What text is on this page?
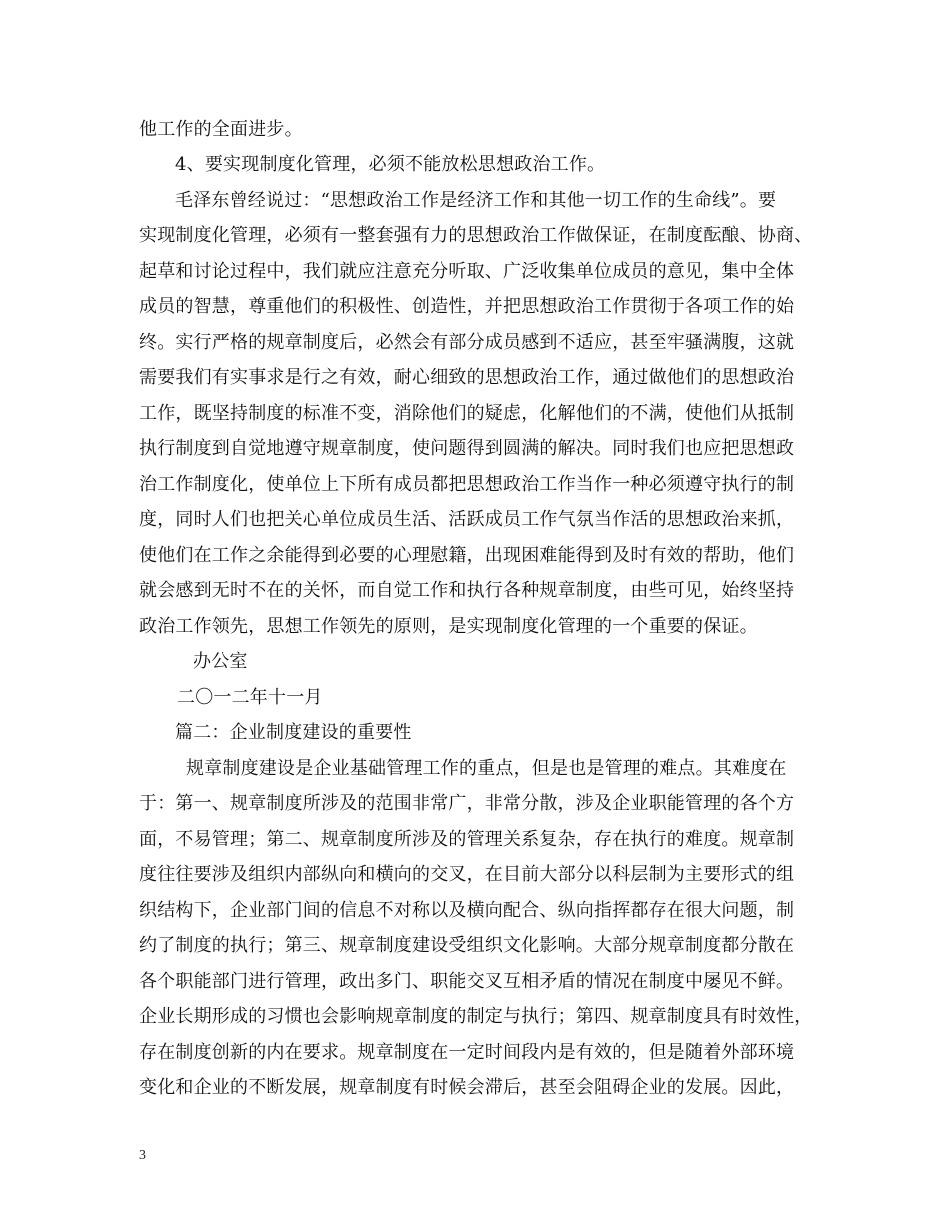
他工作的全面进步。
4、要实现制度化管理，必须不能放松思想政治工作。
毛泽东曾经说过：“思想政治工作是经济工作和其他一切工作的生命线”。要
实现制度化管理，必须有一整套强有力的思想政治工作做保证，在制度酝酿、协商、
起草和讨论过程中，我们就应注意充分听取、广泛收集单位成员的意见，集中全体
成员的智慧，尊重他们的积极性、创造性，并把思想政治工作贯彻于各项工作的始
终。实行严格的规章制度后，必然会有部分成员感到不适应，甚至牢骚满腹，这就
需要我们有实事求是行之有效，耐心细致的思想政治工作，通过做他们的思想政治
工作，既坚持制度的标准不变，消除他们的疑虑，化解他们的不满，使他们从抵制
执行制度到自觉地遵守规章制度，使问题得到圆满的解决。同时我们也应把思想政
治工作制度化，使单位上下所有成员都把思想政治工作当作一种必须遵守执行的制
度，同时人们也把关心单位成员生活、活跃成员工作气氛当作活的思想政治来抓，
使他们在工作之余能得到必要的心理慰籍，出现困难能得到及时有效的帮助，他们
就会感到无时不在的关怀，而自觉工作和执行各种规章制度，由些可见，始终坚持
政治工作领先，思想工作领先的原则，是实现制度化管理的一个重要的保证。
办公室
二〇一二年十一月
篇二：企业制度建设的重要性
规章制度建设是企业基础管理工作的重点，但是也是管理的难点。其难度在
于：第一、规章制度所涉及的范围非常广，非常分散，涉及企业职能管理的各个方
面，不易管理；第二、规章制度所涉及的管理关系复杂，存在执行的难度。规章制
度往往要涉及组织内部纵向和横向的交叉，在目前大部分以科层制为主要形式的组
织结构下，企业部门间的信息不对称以及横向配合、纵向指挥都存在很大问题，制
约了制度的执行；第三、规章制度建设受组织文化影响。大部分规章制度都分散在
各个职能部门进行管理，政出多门、职能交叉互相矛盾的情况在制度中屡见不鲜。
企业长期形成的习惯也会影响规章制度的制定与执行；第四、规章制度具有时效性，
存在制度创新的内在要求。规章制度在一定时间段内是有效的，但是随着外部环境
变化和企业的不断发展，规章制度有时候会滞后，甚至会阻碍企业的发展。因此，
3
